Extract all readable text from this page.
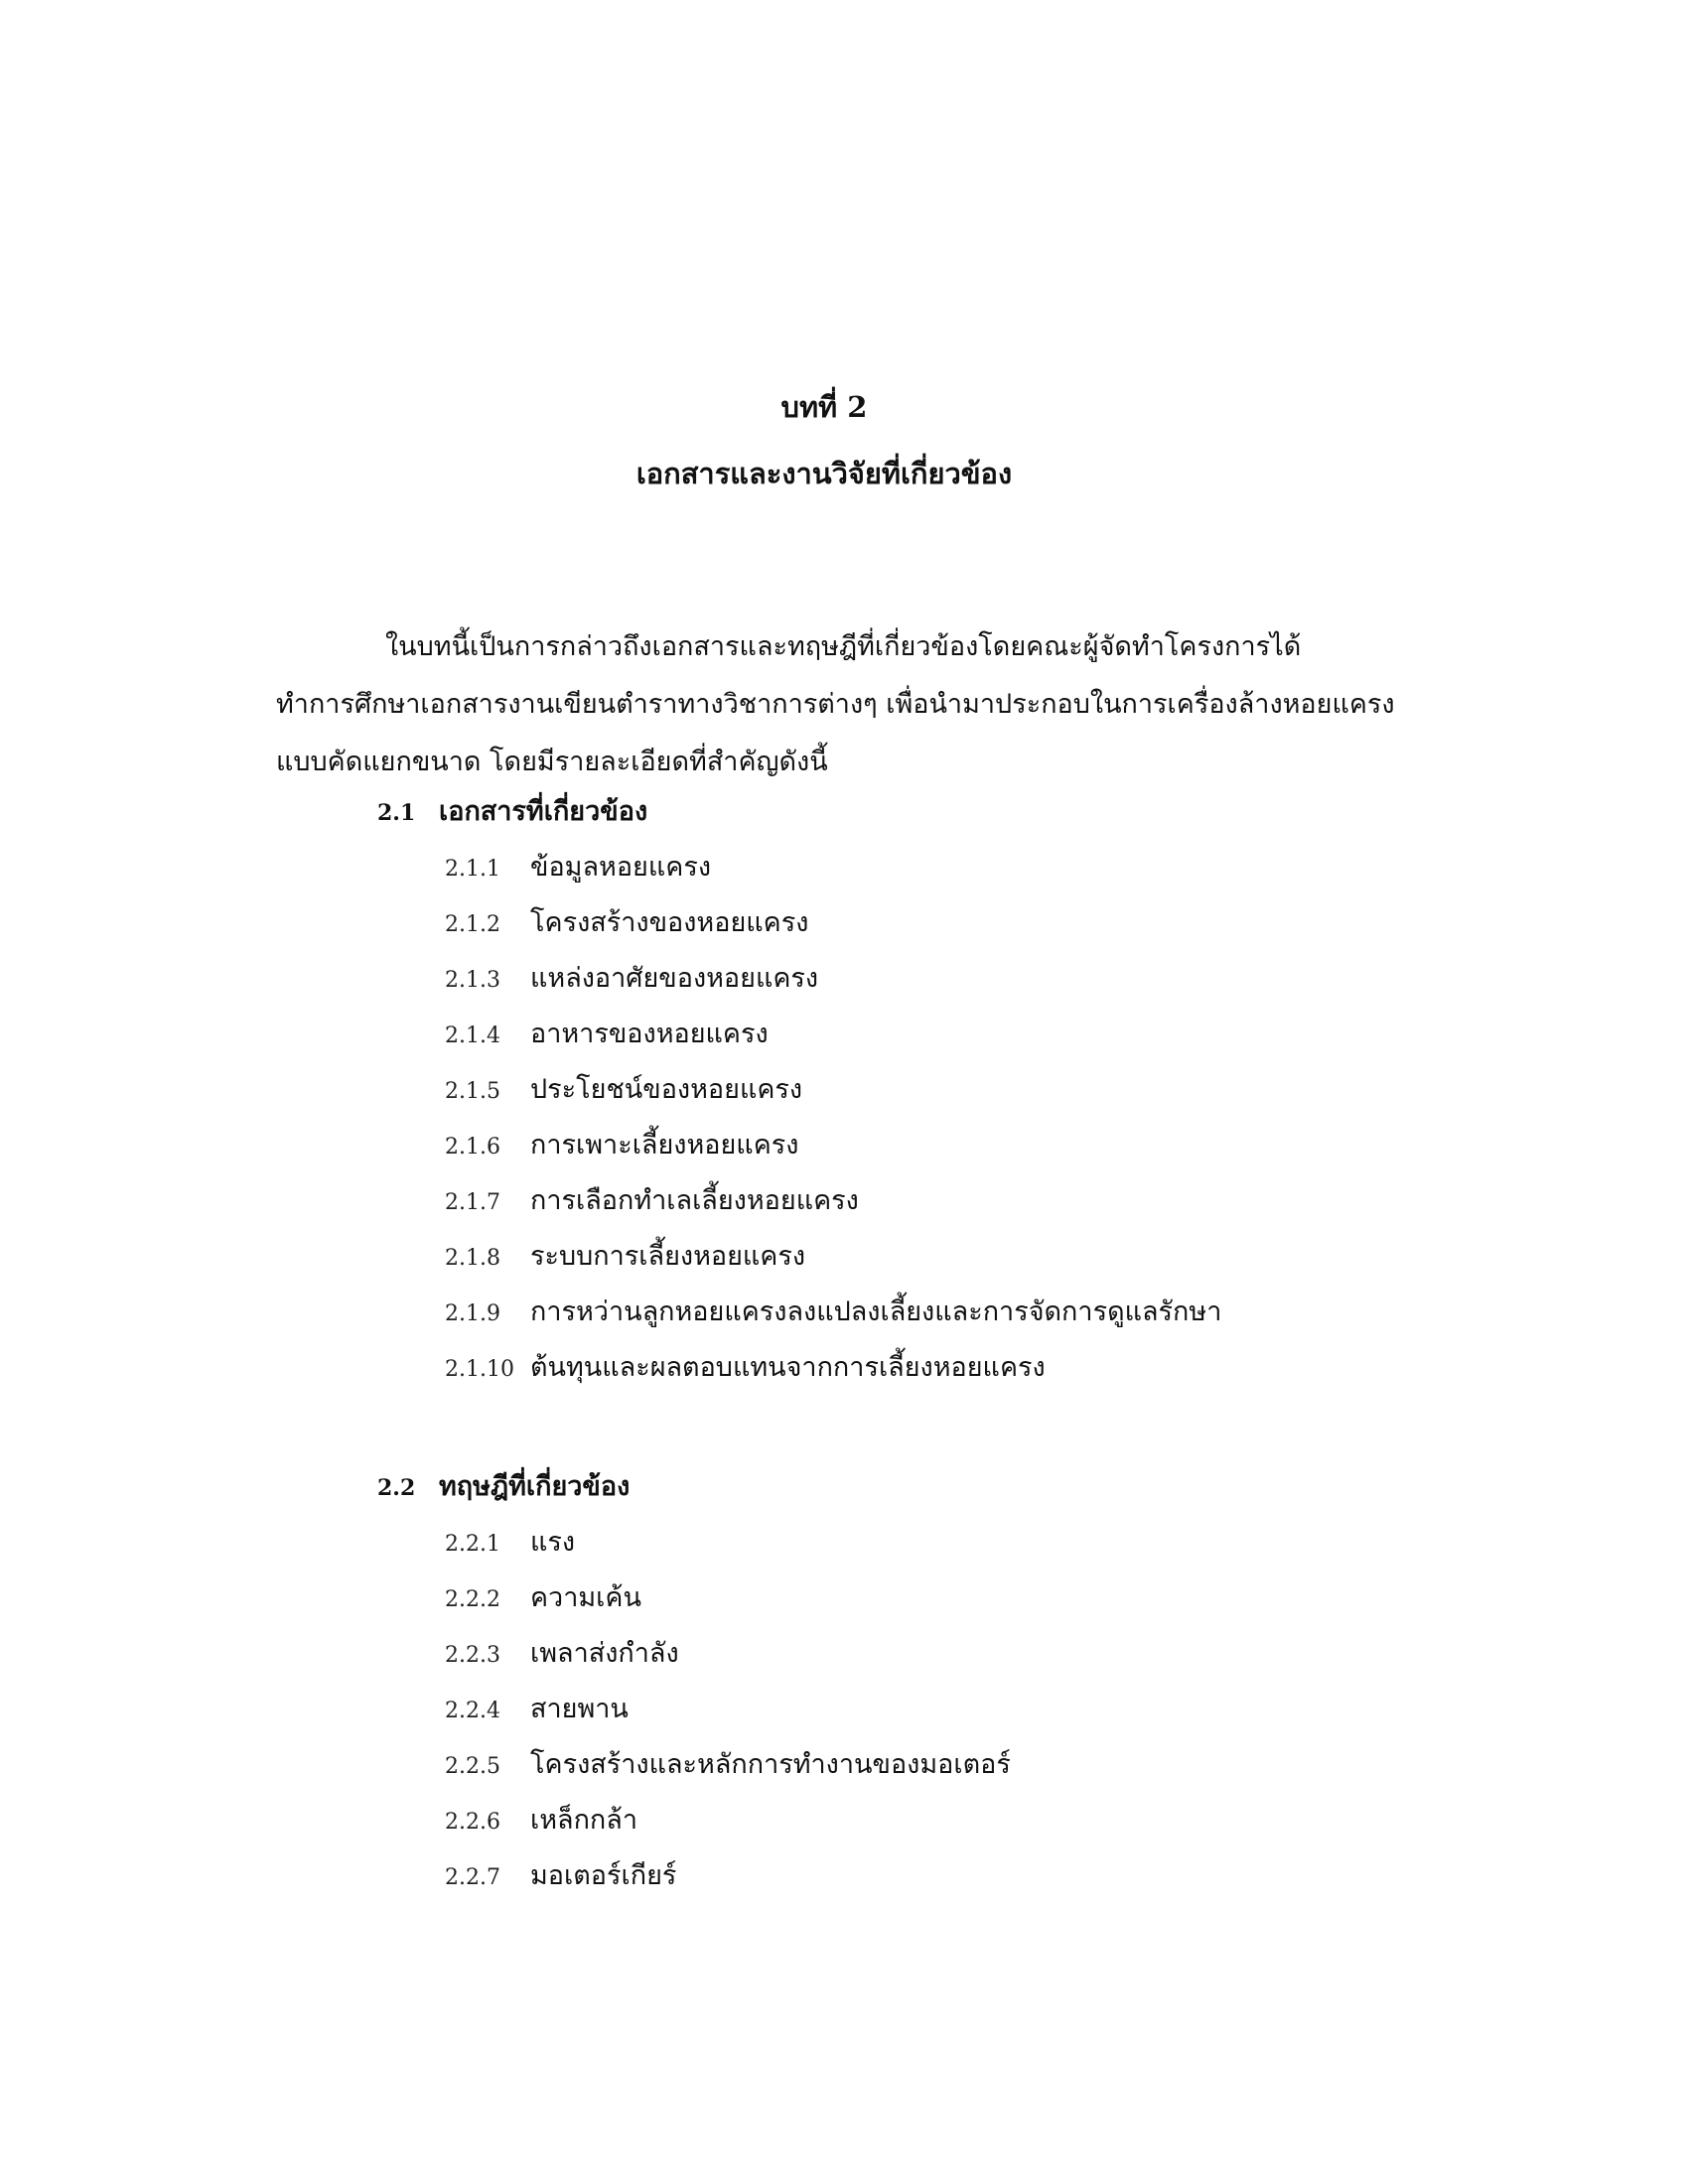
บทที่ 2
เอกสารและงานวิจัยที่เกี่ยวข้อง
ในบทนี้เป็นการกล่าวถึงเอกสารและทฤษฎีที่เกี่ยวข้องโดยคณะผู้จัดทำโครงการได้
ทำการศึกษาเอกสารงานเขียนตำราทางวิชาการต่างๆ เพื่อนำมาประกอบในการเครื่องล้างหอยแครง
แบบคัดแยกขนาด โดยมีรายละเอียดที่สำคัญดังนี้
2.1 เอกสารที่เกี่ยวข้อง
2.1.1 ข้อมูลหอยแครง
2.1.2 โครงสร้างของหอยแครง
2.1.3 แหล่งอาศัยของหอยแครง
2.1.4 อาหารของหอยแครง
2.1.5 ประโยชน์ของหอยแครง
2.1.6 การเพาะเลี้ยงหอยแครง
2.1.7 การเลือกทำเลเลี้ยงหอยแครง
2.1.8 ระบบการเลี้ยงหอยแครง
2.1.9 การหว่านลูกหอยแครงลงแปลงเลี้ยงและการจัดการดูแลรักษา
2.1.10 ต้นทุนและผลตอบแทนจากการเลี้ยงหอยแครง
2.2 ทฤษฎีที่เกี่ยวข้อง
2.2.1 แรง
2.2.2 ความเค้น
2.2.3 เพลาส่งกำลัง
2.2.4 สายพาน
2.2.5 โครงสร้างและหลักการทำงานของมอเตอร์
2.2.6 เหล็กกล้า
2.2.7 มอเตอร์เกียร์
